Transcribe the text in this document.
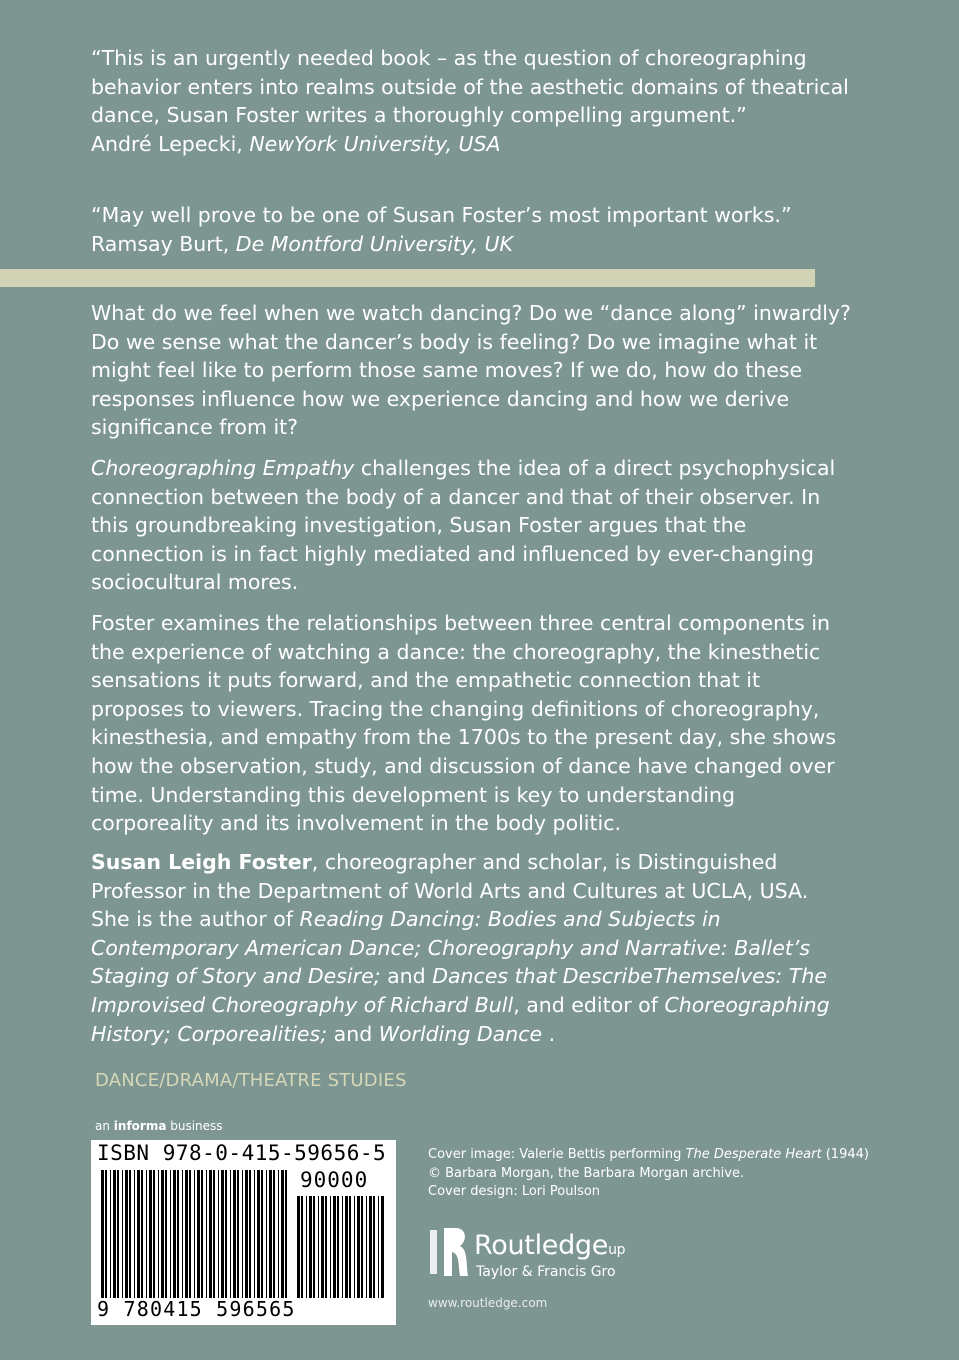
“This is an urgently needed book – as the question of choreographing behavior enters into realms outside of the aesthetic domains of theatrical dance, Susan Foster writes a thoroughly compelling argument.”
André Lepecki, NewYork University, USA
“May well prove to be one of Susan Foster’s most important works.”
Ramsay Burt, De Montford University, UK

What do we feel when we watch dancing? Do we “dance along” inwardly? Do we sense what the dancer’s body is feeling? Do we imagine what it might feel like to perform those same moves? If we do, how do these responses influence how we experience dancing and how we derive significance from it?

Choreographing Empathy challenges the idea of a direct psychophysical connection between the body of a dancer and that of their observer. In this groundbreaking investigation, Susan Foster argues that the connection is in fact highly mediated and influenced by ever-changing sociocultural mores.

Foster examines the relationships between three central components in the experience of watching a dance: the choreography, the kinesthetic sensations it puts forward, and the empathetic connection that it proposes to viewers. Tracing the changing definitions of choreography, kinesthesia, and empathy from the 1700s to the present day, she shows how the observation, study, and discussion of dance have changed over time. Understanding this development is key to understanding corporeality and its involvement in the body politic.

Susan Leigh Foster, choreographer and scholar, is Distinguished Professor in the Department of World Arts and Cultures at UCLA, USA. She is the author of Reading Dancing: Bodies and Subjects in Contemporary American Dance; Choreography and Narrative: Ballet’s Staging of Story and Desire; and Dances that DescribeThemselves: The Improvised Choreography of Richard Bull, and editor of Choreographing History; Corporealities; and Worlding Dance .

DANCE/DRAMA/THEATRE STUDIES
an informa business
ISBN 978-0-415-59656-5
90000
9 780415 596565

Cover image: Valerie Bettis performing The Desperate Heart (1944)

© Barbara Morgan, the Barbara Morgan archive.

Cover design: Lori Poulson

Routledgeup
Taylor & Francis Gro
www.routledge.com
